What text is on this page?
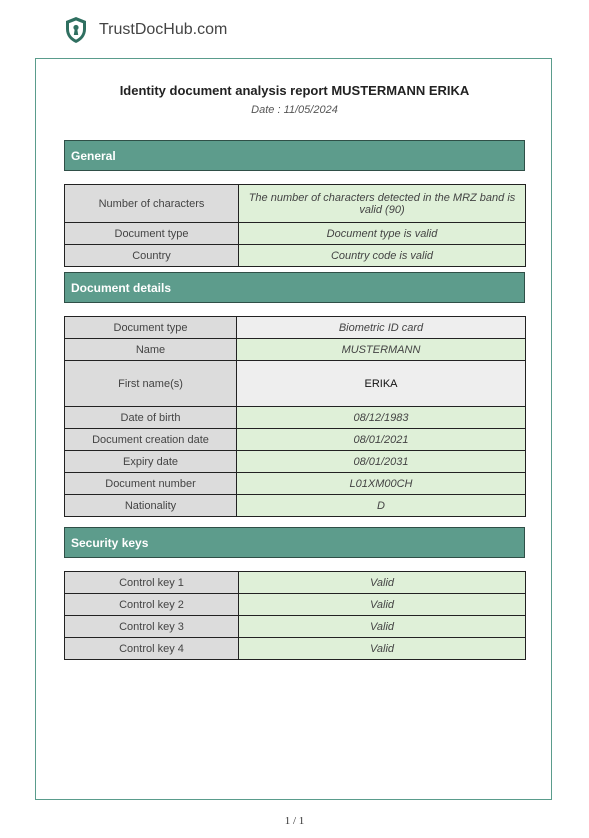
TrustDocHub.com
Identity document analysis report MUSTERMANN ERIKA
Date : 11/05/2024
General
Number of characters	The number of characters detected in the MRZ band is valid (90)
Document type	Document type is valid
Country	Country code is valid
Document details
Document type	Biometric ID card
Name	MUSTERMANN
First name(s)	ERIKA
Date of birth	08/12/1983
Document creation date	08/01/2021
Expiry date	08/01/2031
Document number	L01XM00CH
Nationality	D
Security keys
Control key 1	Valid
Control key 2	Valid
Control key 3	Valid
Control key 4	Valid
1 / 1
